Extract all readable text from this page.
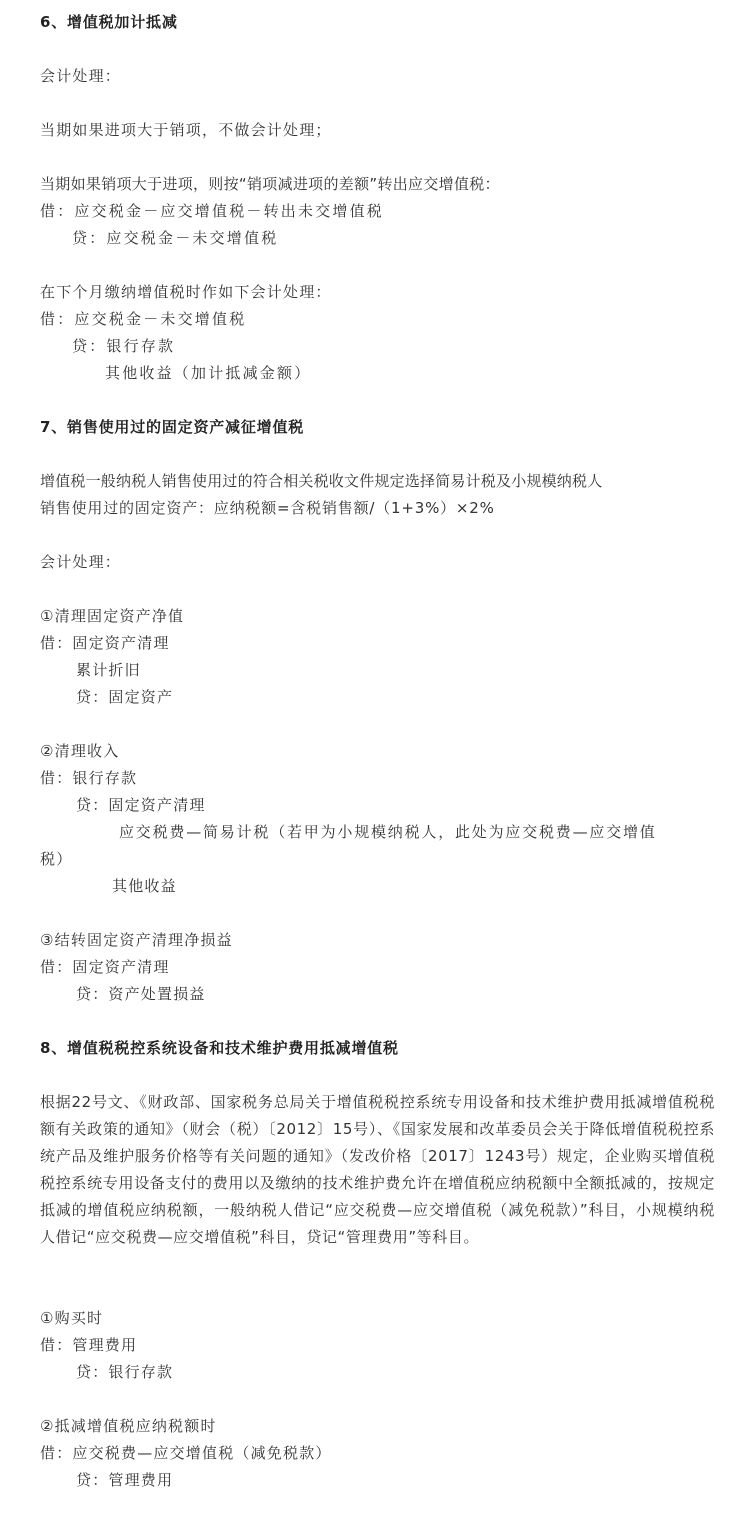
6、增值税加计抵减
会计处理：
当期如果进项大于销项，不做会计处理；
当期如果销项大于进项，则按“销项减进项的差额”转出应交增值税：
借：应交税金－应交增值税－转出未交增值税
贷：应交税金－未交增值税
在下个月缴纳增值税时作如下会计处理：
借：应交税金－未交增值税
贷：银行存款
其他收益（加计抵减金额）
7、销售使用过的固定资产减征增值税
增值税一般纳税人销售使用过的符合相关税收文件规定选择简易计税及小规模纳税人
销售使用过的固定资产：应纳税额=含税销售额/（1+3%）×2%
会计处理：
①清理固定资产净值
借：固定资产清理
累计折旧
贷：固定资产
②清理收入
借：银行存款
贷：固定资产清理
应交税费—简易计税（若甲为小规模纳税人，此处为应交税费—应交增值
税）
其他收益
③结转固定资产清理净损益
借：固定资产清理
贷：资产处置损益
8、增值税税控系统设备和技术维护费用抵减增值税
根据22号文、《财政部、国家税务总局关于增值税税控系统专用设备和技术维护费用抵减增值税税额有关政策的通知》（财会（税）〔2012〕15号）、《国家发展和改革委员会关于降低增值税税控系统产品及维护服务价格等有关问题的通知》（发改价格〔2017〕1243号）规定，企业购买增值税税控系统专用设备支付的费用以及缴纳的技术维护费允许在增值税应纳税额中全额抵减的，按规定抵减的增值税应纳税额，一般纳税人借记“应交税费—应交增值税（减免税款）”科目，小规模纳税人借记“应交税费—应交增值税”科目，贷记“管理费用”等科目。
①购买时
借：管理费用
贷：银行存款
②抵减增值税应纳税额时
借：应交税费—应交增值税（减免税款）
贷：管理费用
